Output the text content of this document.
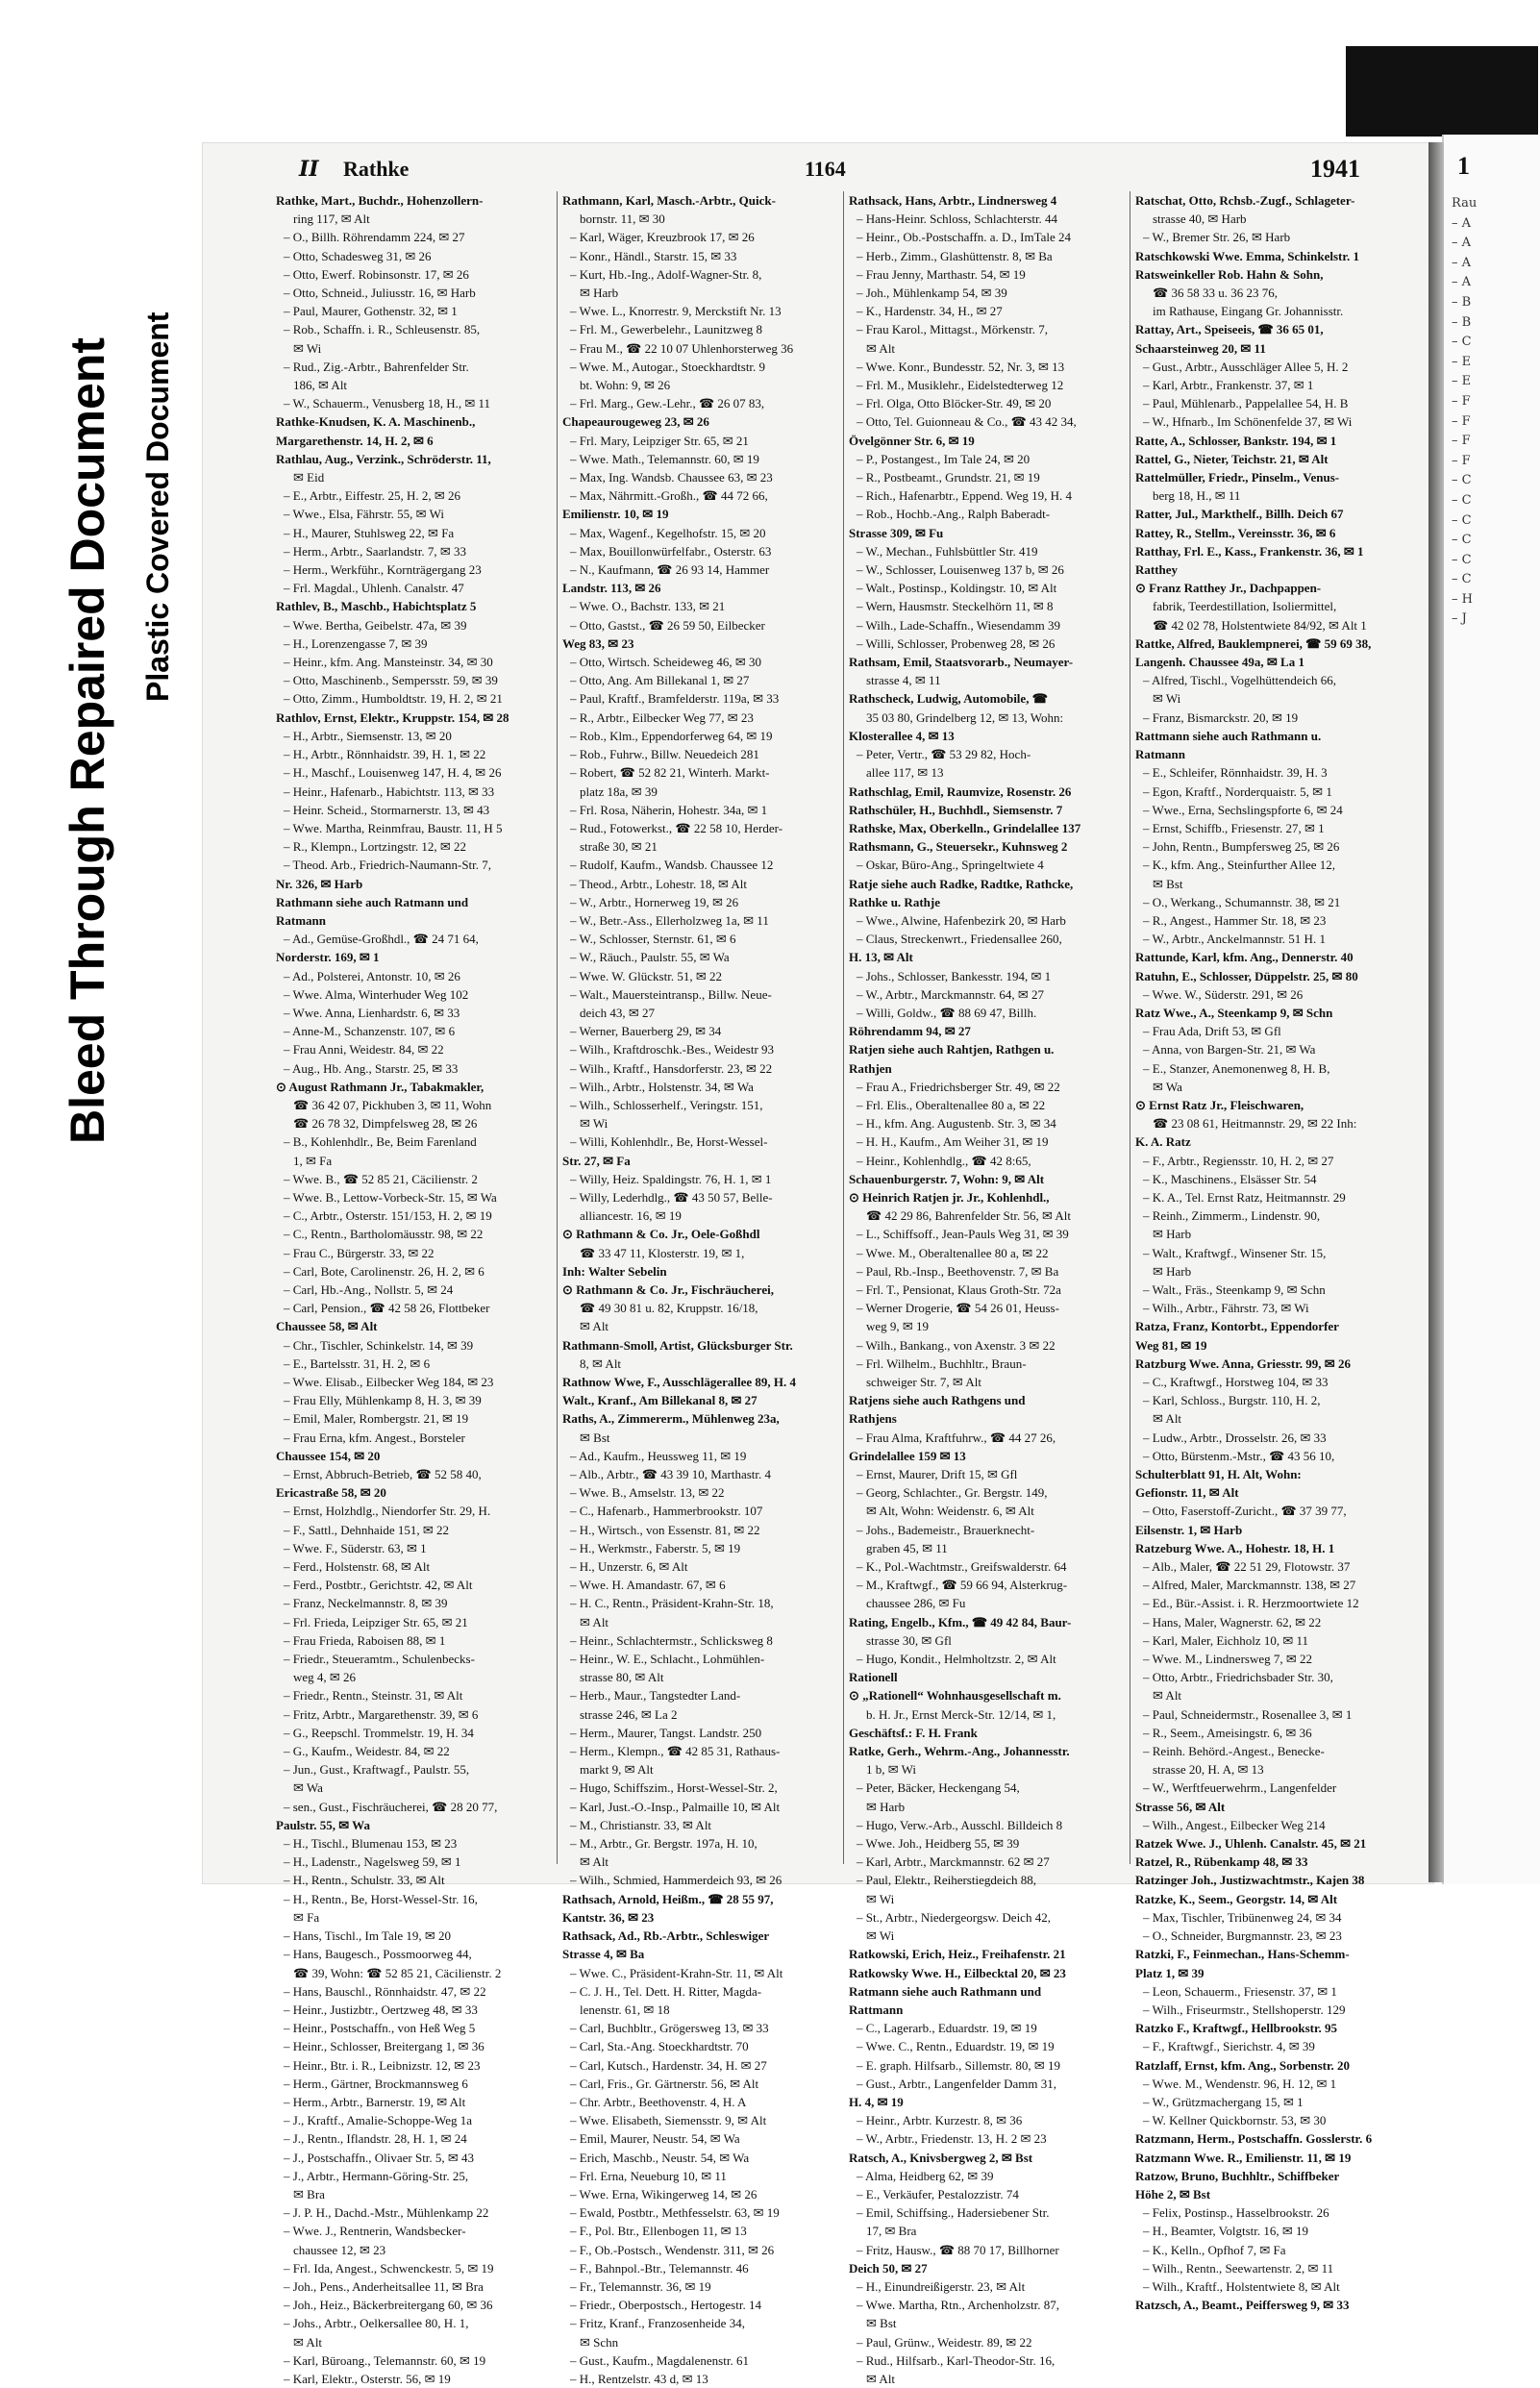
Bleed Through Repaired Document Plastic Covered Document
1
Rau
– A
– A
– A
– A
– B
– B
– C
– E
– E
– F
– F
– F
– F
– C
– C
– C
– C
– C
– C
– H
– J
II Rathke	1164	1941
Rathke, Mart., Buchdr., Hohenzollern-
ring 117, ✉ Alt
– O., Billh. Röhrendamm 224, ✉ 27
– Otto, Schadesweg 31, ✉ 26
– Otto, Ewerf. Robinsonstr. 17, ✉ 26
– Otto, Schneid., Juliusstr. 16, ✉ Harb
– Paul, Maurer, Gothenstr. 32, ✉ 1
– Rob., Schaffn. i. R., Schleusenstr. 85,
✉ Wi
– Rud., Zig.-Arbtr., Bahrenfelder Str.
186, ✉ Alt
– W., Schauerm., Venusberg 18, H., ✉ 11
Rathke-Knudsen, K. A. Maschinenb.,
Margarethenstr. 14, H. 2, ✉ 6
Rathlau, Aug., Verzink., Schröderstr. 11,
✉ Eid
– E., Arbtr., Eiffestr. 25, H. 2, ✉ 26
– Wwe., Elsa, Fährstr. 55, ✉ Wi
– H., Maurer, Stuhlsweg 22, ✉ Fa
– Herm., Arbtr., Saarlandstr. 7, ✉ 33
– Herm., Werkführ., Kornträgergang 23
– Frl. Magdal., Uhlenh. Canalstr. 47
Rathlev, B., Maschb., Habichtsplatz 5
– Wwe. Bertha, Geibelstr. 47a, ✉ 39
– H., Lorenzengasse 7, ✉ 39
– Heinr., kfm. Ang. Mansteinstr. 34, ✉ 30
– Otto, Maschinenb., Sempersstr. 59, ✉ 39
– Otto, Zimm., Humboldtstr. 19, H. 2, ✉ 21
Rathlov, Ernst, Elektr., Kruppstr. 154, ✉ 28
– H., Arbtr., Siemsenstr. 13, ✉ 20
– H., Arbtr., Rönnhaidstr. 39, H. 1, ✉ 22
– H., Maschf., Louisenweg 147, H. 4, ✉ 26
– Heinr., Hafenarb., Habichtstr. 113, ✉ 33
– Heinr. Scheid., Stormarnerstr. 13, ✉ 43
– Wwe. Martha, Reinmfrau, Baustr. 11, H 5
– R., Klempn., Lortzingstr. 12, ✉ 22
– Theod. Arb., Friedrich-Naumann-Str. 7,
Nr. 326, ✉ Harb
Rathmann siehe auch Ratmann und
Ratmann
– Ad., Gemüse-Großhdl., ☎ 24 71 64,
Norderstr. 169, ✉ 1
– Ad., Polsterei, Antonstr. 10, ✉ 26
– Wwe. Alma, Winterhuder Weg 102
– Wwe. Anna, Lienhardstr. 6, ✉ 33
– Anne-M., Schanzenstr. 107, ✉ 6
– Frau Anni, Weidestr. 84, ✉ 22
– Aug., Hb. Ang., Starstr. 25, ✉ 33
⊙ August Rathmann Jr., Tabakmakler,
☎ 36 42 07, Pickhuben 3, ✉ 11, Wohn
☎ 26 78 32, Dimpfelsweg 28, ✉ 26
– B., Kohlenhdlr., Be, Beim Farenland
1, ✉ Fa
– Wwe. B., ☎ 52 85 21, Cäcilienstr. 2
– Wwe. B., Lettow-Vorbeck-Str. 15, ✉ Wa
– C., Arbtr., Osterstr. 151/153, H. 2, ✉ 19
– C., Rentn., Bartholomäusstr. 98, ✉ 22
– Frau C., Bürgerstr. 33, ✉ 22
– Carl, Bote, Carolinenstr. 26, H. 2, ✉ 6
– Carl, Hb.-Ang., Nollstr. 5, ✉ 24
– Carl, Pension., ☎ 42 58 26, Flottbeker
Chaussee 58, ✉ Alt
– Chr., Tischler, Schinkelstr. 14, ✉ 39
– E., Bartelsstr. 31, H. 2, ✉ 6
– Wwe. Elisab., Eilbecker Weg 184, ✉ 23
– Frau Elly, Mühlenkamp 8, H. 3, ✉ 39
– Emil, Maler, Rombergstr. 21, ✉ 19
– Frau Erna, kfm. Angest., Borsteler
Chaussee 154, ✉ 20
– Ernst, Abbruch-Betrieb, ☎ 52 58 40,
Ericastraße 58, ✉ 20
– Ernst, Holzhdlg., Niendorfer Str. 29, H.
– F., Sattl., Dehnhaide 151, ✉ 22
– Wwe. F., Süderstr. 63, ✉ 1
– Ferd., Holstenstr. 68, ✉ Alt
– Ferd., Postbtr., Gerichtstr. 42, ✉ Alt
– Franz, Neckelmannstr. 8, ✉ 39
– Frl. Frieda, Leipziger Str. 65, ✉ 21
– Frau Frieda, Raboisen 88, ✉ 1
– Friedr., Steueramtm., Schulenbecks-
weg 4, ✉ 26
– Friedr., Rentn., Steinstr. 31, ✉ Alt
– Fritz, Arbtr., Margarethenstr. 39, ✉ 6
– G., Reepschl. Trommelstr. 19, H. 34
– G., Kaufm., Weidestr. 84, ✉ 22
– Jun., Gust., Kraftwagf., Paulstr. 55,
✉ Wa
– sen., Gust., Fischräucherei, ☎ 28 20 77,
Paulstr. 55, ✉ Wa
– H., Tischl., Blumenau 153, ✉ 23
– H., Ladenstr., Nagelsweg 59, ✉ 1
– H., Rentn., Schulstr. 33, ✉ Alt
– H., Rentn., Be, Horst-Wessel-Str. 16,
✉ Fa
– Hans, Tischl., Im Tale 19, ✉ 20
– Hans, Baugesch., Possmoorweg 44,
☎ 39, Wohn: ☎ 52 85 21, Cäcilienstr. 2
– Hans, Bauschl., Rönnhaidstr. 47, ✉ 22
– Heinr., Justizbtr., Oertzweg 48, ✉ 33
– Heinr., Postschaffn., von Heß Weg 5
– Heinr., Schlosser, Breitergang 1, ✉ 36
– Heinr., Btr. i. R., Leibnizstr. 12, ✉ 23
– Herm., Gärtner, Brockmannsweg 6
– Herm., Arbtr., Barnerstr. 19, ✉ Alt
– J., Kraftf., Amalie-Schoppe-Weg 1a
– J., Rentn., Iflandstr. 28, H. 1, ✉ 24
– J., Postschaffn., Olivaer Str. 5, ✉ 43
– J., Arbtr., Hermann-Göring-Str. 25,
✉ Bra
– J. P. H., Dachd.-Mstr., Mühlenkamp 22
– Wwe. J., Rentnerin, Wandsbecker-
chaussee 12, ✉ 23
– Frl. Ida, Angest., Schwenckestr. 5, ✉ 19
– Joh., Pens., Anderheitsallee 11, ✉ Bra
– Joh., Heiz., Bäckerbreitergang 60, ✉ 36
– Johs., Arbtr., Oelkersallee 80, H. 1,
✉ Alt
– Karl, Büroang., Telemannstr. 60, ✉ 19
– Karl, Elektr., Osterstr. 56, ✉ 19
Rathmann, Karl, Masch.-Arbtr., Quick-
bornstr. 11, ✉ 30
– Karl, Wäger, Kreuzbrook 17, ✉ 26
– Konr., Händl., Starstr. 15, ✉ 33
– Kurt, Hb.-Ing., Adolf-Wagner-Str. 8,
✉ Harb
– Wwe. L., Knorrestr. 9, Merckstift Nr. 13
– Frl. M., Gewerbelehr., Launitzweg 8
– Frau M., ☎ 22 10 07 Uhlenhorsterweg 36
– Wwe. M., Autogar., Stoeckhardtstr. 9
bt. Wohn: 9, ✉ 26
– Frl. Marg., Gew.-Lehr., ☎ 26 07 83,
Chapeaurougeweg 23, ✉ 26
– Frl. Mary, Leipziger Str. 65, ✉ 21
– Wwe. Math., Telemannstr. 60, ✉ 19
– Max, Ing. Wandsb. Chaussee 63, ✉ 23
– Max, Nährmitt.-Großh., ☎ 44 72 66,
Emilienstr. 10, ✉ 19
– Max, Wagenf., Kegelhofstr. 15, ✉ 20
– Max, Bouillonwürfelfabr., Osterstr. 63
– N., Kaufmann, ☎ 26 93 14, Hammer
Landstr. 113, ✉ 26
– Wwe. O., Bachstr. 133, ✉ 21
– Otto, Gastst., ☎ 26 59 50, Eilbecker
Weg 83, ✉ 23
– Otto, Wirtsch. Scheideweg 46, ✉ 30
– Otto, Ang. Am Billekanal 1, ✉ 27
– Paul, Kraftf., Bramfelderstr. 119a, ✉ 33
– R., Arbtr., Eilbecker Weg 77, ✉ 23
– Rob., Klm., Eppendorferweg 64, ✉ 19
– Rob., Fuhrw., Billw. Neuedeich 281
– Robert, ☎ 52 82 21, Winterh. Markt-
platz 18a, ✉ 39
– Frl. Rosa, Näherin, Hohestr. 34a, ✉ 1
– Rud., Fotowerkst., ☎ 22 58 10, Herder-
straße 30, ✉ 21
– Rudolf, Kaufm., Wandsb. Chaussee 12
– Theod., Arbtr., Lohestr. 18, ✉ Alt
– W., Arbtr., Hornerweg 19, ✉ 26
– W., Betr.-Ass., Ellerholzweg 1a, ✉ 11
– W., Schlosser, Sternstr. 61, ✉ 6
– W., Räuch., Paulstr. 55, ✉ Wa
– Wwe. W. Glückstr. 51, ✉ 22
– Walt., Mauersteintransp., Billw. Neue-
deich 43, ✉ 27
– Werner, Bauerberg 29, ✉ 34
– Wilh., Kraftdroschk.-Bes., Weidestr 93
– Wilh., Kraftf., Hansdorferstr. 23, ✉ 22
– Wilh., Arbtr., Holstenstr. 34, ✉ Wa
– Wilh., Schlosserhelf., Veringstr. 151,
✉ Wi
– Willi, Kohlenhdlr., Be, Horst-Wessel-
Str. 27, ✉ Fa
– Willy, Heiz. Spaldingstr. 76, H. 1, ✉ 1
– Willy, Lederhdlg., ☎ 43 50 57, Belle-
alliancestr. 16, ✉ 19
⊙ Rathmann & Co. Jr., Oele-Goßhdl
☎ 33 47 11, Klosterstr. 19, ✉ 1,
Inh: Walter Sebelin
⊙ Rathmann & Co. Jr., Fischräucherei,
☎ 49 30 81 u. 82, Kruppstr. 16/18,
✉ Alt
Rathmann-Smoll, Artist, Glücksburger Str.
8, ✉ Alt
Rathnow Wwe, F., Ausschlägerallee 89, H. 4
Walt., Kranf., Am Billekanal 8, ✉ 27
Raths, A., Zimmererm., Mühlenweg 23a,
✉ Bst
– Ad., Kaufm., Heussweg 11, ✉ 19
– Alb., Arbtr., ☎ 43 39 10, Marthastr. 4
– Wwe. B., Amselstr. 13, ✉ 22
– C., Hafenarb., Hammerbrookstr. 107
– H., Wirtsch., von Essenstr. 81, ✉ 22
– H., Werkmstr., Faberstr. 5, ✉ 19
– H., Unzerstr. 6, ✉ Alt
– Wwe. H. Amandastr. 67, ✉ 6
– H. C., Rentn., Präsident-Krahn-Str. 18,
✉ Alt
– Heinr., Schlachtermstr., Schlicksweg 8
– Heinr., W. E., Schlacht., Lohmühlen-
strasse 80, ✉ Alt
– Herb., Maur., Tangstedter Land-
strasse 246, ✉ La 2
– Herm., Maurer, Tangst. Landstr. 250
– Herm., Klempn., ☎ 42 85 31, Rathaus-
markt 9, ✉ Alt
– Hugo, Schiffszim., Horst-Wessel-Str. 2,
– Karl, Just.-O.-Insp., Palmaille 10, ✉ Alt
– M., Christianstr. 33, ✉ Alt
– M., Arbtr., Gr. Bergstr. 197a, H. 10,
✉ Alt
– Wilh., Schmied, Hammerdeich 93, ✉ 26
Rathsach, Arnold, Heißm., ☎ 28 55 97,
Kantstr. 36, ✉ 23
Rathsack, Ad., Rb.-Arbtr., Schleswiger
Strasse 4, ✉ Ba
– Wwe. C., Präsident-Krahn-Str. 11, ✉ Alt
– C. J. H., Tel. Dett. H. Ritter, Magda-
lenenstr. 61, ✉ 18
– Carl, Buchbltr., Grögersweg 13, ✉ 33
– Carl, Sta.-Ang. Stoeckhardtstr. 70
– Carl, Kutsch., Hardenstr. 34, H. ✉ 27
– Carl, Fris., Gr. Gärtnerstr. 56, ✉ Alt
– Chr. Arbtr., Beethovenstr. 4, H. A
– Wwe. Elisabeth, Siemensstr. 9, ✉ Alt
– Emil, Maurer, Neustr. 54, ✉ Wa
– Erich, Maschb., Neustr. 54, ✉ Wa
– Frl. Erna, Neueburg 10, ✉ 11
– Wwe. Erna, Wikingerweg 14, ✉ 26
– Ewald, Postbtr., Methfesselstr. 63, ✉ 19
– F., Pol. Btr., Ellenbogen 11, ✉ 13
– F., Ob.-Postsch., Wendenstr. 311, ✉ 26
– F., Bahnpol.-Btr., Telemannstr. 46
– Fr., Telemannstr. 36, ✉ 19
– Friedr., Oberpostsch., Hertogestr. 14
– Fritz, Kranf., Franzosenheide 34,
✉ Schn
– Gust., Kaufm., Magdalenenstr. 61
– H., Rentzelstr. 43 d, ✉ 13
Rathsack, Hans, Arbtr., Lindnersweg 4
– Hans-Heinr. Schloss, Schlachterstr. 44
– Heinr., Ob.-Postschaffn. a. D., ImTale 24
– Herb., Zimm., Glashüttenstr. 8, ✉ Ba
– Frau Jenny, Marthastr. 54, ✉ 19
– Joh., Mühlenkamp 54, ✉ 39
– K., Hardenstr. 34, H., ✉ 27
– Frau Karol., Mittagst., Mörkenstr. 7,
✉ Alt
– Wwe. Konr., Bundesstr. 52, Nr. 3, ✉ 13
– Frl. M., Musiklehr., Eidelstedterweg 12
– Frl. Olga, Otto Blöcker-Str. 49, ✉ 20
– Otto, Tel. Guionneau & Co., ☎ 43 42 34,
Övelgönner Str. 6, ✉ 19
– P., Postangest., Im Tale 24, ✉ 20
– R., Postbeamt., Grundstr. 21, ✉ 19
– Rich., Hafenarbtr., Eppend. Weg 19, H. 4
– Rob., Hochb.-Ang., Ralph Baberadt-
Strasse 309, ✉ Fu
– W., Mechan., Fuhlsbüttler Str. 419
– W., Schlosser, Louisenweg 137 b, ✉ 26
– Walt., Postinsp., Koldingstr. 10, ✉ Alt
– Wern, Hausmstr. Steckelhörn 11, ✉ 8
– Wilh., Lade-Schaffn., Wiesendamm 39
– Willi, Schlosser, Probenweg 28, ✉ 26
Rathsam, Emil, Staatsvorarb., Neumayer-
strasse 4, ✉ 11
Rathscheck, Ludwig, Automobile, ☎
35 03 80, Grindelberg 12, ✉ 13, Wohn:
Klosterallee 4, ✉ 13
– Peter, Vertr., ☎ 53 29 82, Hoch-
allee 117, ✉ 13
Rathschlag, Emil, Raumvize, Rosenstr. 26
Rathschüler, H., Buchhdl., Siemsenstr. 7
Rathske, Max, Oberkelln., Grindelallee 137
Rathsmann, G., Steuersekr., Kuhnsweg 2
– Oskar, Büro-Ang., Springeltwiete 4
Ratje siehe auch Radke, Radtke, Rathcke,
Rathke u. Rathje
– Wwe., Alwine, Hafenbezirk 20, ✉ Harb
– Claus, Streckenwrt., Friedensallee 260,
H. 13, ✉ Alt
– Johs., Schlosser, Bankesstr. 194, ✉ 1
– W., Arbtr., Marckmannstr. 64, ✉ 27
– Willi, Goldw., ☎ 88 69 47, Billh.
Röhrendamm 94, ✉ 27
Ratjen siehe auch Rahtjen, Rathgen u.
Rathjen
– Frau A., Friedrichsberger Str. 49, ✉ 22
– Frl. Elis., Oberaltenallee 80 a, ✉ 22
– H., kfm. Ang. Augustenb. Str. 3, ✉ 34
– H. H., Kaufm., Am Weiher 31, ✉ 19
– Heinr., Kohlenhdlg., ☎ 42 8:65,
Schauenburgerstr. 7, Wohn: 9, ✉ Alt
⊙ Heinrich Ratjen jr. Jr., Kohlenhdl.,
☎ 42 29 86, Bahrenfelder Str. 56, ✉ Alt
– L., Schiffsoff., Jean-Pauls Weg 31, ✉ 39
– Wwe. M., Oberaltenallee 80 a, ✉ 22
– Paul, Rb.-Insp., Beethovenstr. 7, ✉ Ba
– Frl. T., Pensionat, Klaus Groth-Str. 72a
– Werner Drogerie, ☎ 54 26 01, Heuss-
weg 9, ✉ 19
– Wilh., Bankang., von Axenstr. 3 ✉ 22
– Frl. Wilhelm., Buchhltr., Braun-
schweiger Str. 7, ✉ Alt
Ratjens siehe auch Rathgens und
Rathjens
– Frau Alma, Kraftfuhrw., ☎ 44 27 26,
Grindelallee 159 ✉ 13
– Ernst, Maurer, Drift 15, ✉ Gfl
– Georg, Schlachter., Gr. Bergstr. 149,
✉ Alt, Wohn: Weidenstr. 6, ✉ Alt
– Johs., Bademeistr., Brauerknecht-
graben 45, ✉ 11
– K., Pol.-Wachtmstr., Greifswalderstr. 64
– M., Kraftwgf., ☎ 59 66 94, Alsterkrug-
chaussee 286, ✉ Fu
Rating, Engelb., Kfm., ☎ 49 42 84, Baur-
strasse 30, ✉ Gfl
– Hugo, Kondit., Helmholtzstr. 2, ✉ Alt
Rationell
⊙ „Rationell“ Wohnhausgesellschaft m.
b. H. Jr., Ernst Merck-Str. 12/14, ✉ 1,
Geschäftsf.: F. H. Frank
Ratke, Gerh., Wehrm.-Ang., Johannesstr.
1 b, ✉ Wi
– Peter, Bäcker, Heckengang 54,
✉ Harb
– Hugo, Verw.-Arb., Ausschl. Billdeich 8
– Wwe. Joh., Heidberg 55, ✉ 39
– Karl, Arbtr., Marckmannstr. 62 ✉ 27
– Paul, Elektr., Reiherstiegdeich 88,
✉ Wi
– St., Arbtr., Niedergeorgsw. Deich 42,
✉ Wi
Ratkowski, Erich, Heiz., Freihafenstr. 21
Ratkowsky Wwe. H., Eilbecktal 20, ✉ 23
Ratmann siehe auch Rathmann und
Rattmann
– C., Lagerarb., Eduardstr. 19, ✉ 19
– Wwe. C., Rentn., Eduardstr. 19, ✉ 19
– E. graph. Hilfsarb., Sillemstr. 80, ✉ 19
– Gust., Arbtr., Langenfelder Damm 31,
H. 4, ✉ 19
– Heinr., Arbtr. Kurzestr. 8, ✉ 36
– W., Arbtr., Friedenstr. 13, H. 2 ✉ 23
Ratsch, A., Knivsbergweg 2, ✉ Bst
– Alma, Heidberg 62, ✉ 39
– E., Verkäufer, Pestalozzistr. 74
– Emil, Schiffsing., Hadersiebener Str.
17, ✉ Bra
– Fritz, Hausw., ☎ 88 70 17, Billhorner
Deich 50, ✉ 27
– H., Einundreißigerstr. 23, ✉ Alt
– Wwe. Martha, Rtn., Archenholzstr. 87,
✉ Bst
– Paul, Grünw., Weidestr. 89, ✉ 22
– Rud., Hilfsarb., Karl-Theodor-Str. 16,
✉ Alt
Ratschat, Otto, Rchsb.-Zugf., Schlageter-
strasse 40, ✉ Harb
– W., Bremer Str. 26, ✉ Harb
Ratschkowski Wwe. Emma, Schinkelstr. 1
Ratsweinkeller Rob. Hahn & Sohn,
☎ 36 58 33 u. 36 23 76,
im Rathause, Eingang Gr. Johannisstr.
Rattay, Art., Speiseeis, ☎ 36 65 01,
Schaarsteinweg 20, ✉ 11
– Gust., Arbtr., Ausschläger Allee 5, H. 2
– Karl, Arbtr., Frankenstr. 37, ✉ 1
– Paul, Mühlenarb., Pappelallee 54, H. B
– W., Hfnarb., Im Schönenfelde 37, ✉ Wi
Ratte, A., Schlosser, Bankstr. 194, ✉ 1
Rattel, G., Nieter, Teichstr. 21, ✉ Alt
Rattelmüller, Friedr., Pinselm., Venus-
berg 18, H., ✉ 11
Ratter, Jul., Markthelf., Billh. Deich 67
Rattey, R., Stellm., Vereinsstr. 36, ✉ 6
Ratthay, Frl. E., Kass., Frankenstr. 36, ✉ 1
Ratthey
⊙ Franz Ratthey Jr., Dachpappen-
fabrik, Teerdestillation, Isoliermittel,
☎ 42 02 78, Holstentwiete 84/92, ✉ Alt 1
Rattke, Alfred, Bauklempnerei, ☎ 59 69 38,
Langenh. Chaussee 49a, ✉ La 1
– Alfred, Tischl., Vogelhüttendeich 66,
✉ Wi
– Franz, Bismarckstr. 20, ✉ 19
Rattmann siehe auch Rathmann u.
Ratmann
– E., Schleifer, Rönnhaidstr. 39, H. 3
– Egon, Kraftf., Norderquaistr. 5, ✉ 1
– Wwe., Erna, Sechslingspforte 6, ✉ 24
– Ernst, Schiffb., Friesenstr. 27, ✉ 1
– John, Rentn., Bumpfersweg 25, ✉ 26
– K., kfm. Ang., Steinfurther Allee 12,
✉ Bst
– O., Werkang., Schumannstr. 38, ✉ 21
– R., Angest., Hammer Str. 18, ✉ 23
– W., Arbtr., Anckelmannstr. 51 H. 1
Rattunde, Karl, kfm. Ang., Dennerstr. 40
Ratuhn, E., Schlosser, Düppelstr. 25, ✉ 80
– Wwe. W., Süderstr. 291, ✉ 26
Ratz Wwe., A., Steenkamp 9, ✉ Schn
– Frau Ada, Drift 53, ✉ Gfl
– Anna, von Bargen-Str. 21, ✉ Wa
– E., Stanzer, Anemonenweg 8, H. B,
✉ Wa
⊙ Ernst Ratz Jr., Fleischwaren,
☎ 23 08 61, Heitmannstr. 29, ✉ 22 Inh:
K. A. Ratz
– F., Arbtr., Regiensstr. 10, H. 2, ✉ 27
– K., Maschinens., Elsässer Str. 54
– K. A., Tel. Ernst Ratz, Heitmannstr. 29
– Reinh., Zimmerm., Lindenstr. 90,
✉ Harb
– Walt., Kraftwgf., Winsener Str. 15,
✉ Harb
– Walt., Fräs., Steenkamp 9, ✉ Schn
– Wilh., Arbtr., Fährstr. 73, ✉ Wi
Ratza, Franz, Kontorbt., Eppendorfer
Weg 81, ✉ 19
Ratzburg Wwe. Anna, Griesstr. 99, ✉ 26
– C., Kraftwgf., Horstweg 104, ✉ 33
– Karl, Schloss., Burgstr. 110, H. 2,
✉ Alt
– Ludw., Arbtr., Drosselstr. 26, ✉ 33
– Otto, Bürstenm.-Mstr., ☎ 43 56 10,
Schulterblatt 91, H. Alt, Wohn:
Gefionstr. 11, ✉ Alt
– Otto, Faserstoff-Zuricht., ☎ 37 39 77,
Eilsenstr. 1, ✉ Harb
Ratzeburg Wwe. A., Hohestr. 18, H. 1
– Alb., Maler, ☎ 22 51 29, Flotowstr. 37
– Alfred, Maler, Marckmannstr. 138, ✉ 27
– Ed., Bür.-Assist. i. R. Herzmoortwiete 12
– Hans, Maler, Wagnerstr. 62, ✉ 22
– Karl, Maler, Eichholz 10, ✉ 11
– Wwe. M., Lindnersweg 7, ✉ 22
– Otto, Arbtr., Friedrichsbader Str. 30,
✉ Alt
– Paul, Schneidermstr., Rosenallee 3, ✉ 1
– R., Seem., Ameisingstr. 6, ✉ 36
– Reinh. Behörd.-Angest., Benecke-
strasse 20, H. A, ✉ 13
– W., Werftfeuerwehrm., Langenfelder
Strasse 56, ✉ Alt
– Wilh., Angest., Eilbecker Weg 214
Ratzek Wwe. J., Uhlenh. Canalstr. 45, ✉ 21
Ratzel, R., Rübenkamp 48, ✉ 33
Ratzinger Joh., Justizwachtmstr., Kajen 38
Ratzke, K., Seem., Georgstr. 14, ✉ Alt
– Max, Tischler, Tribünenweg 24, ✉ 34
– O., Schneider, Burgmannstr. 23, ✉ 23
Ratzki, F., Feinmechan., Hans-Schemm-
Platz 1, ✉ 39
– Leon, Schauerm., Friesenstr. 37, ✉ 1
– Wilh., Friseurmstr., Stellshoperstr. 129
Ratzko F., Kraftwgf., Hellbrookstr. 95
– F., Kraftwgf., Sierichstr. 4, ✉ 39
Ratzlaff, Ernst, kfm. Ang., Sorbenstr. 20
– Wwe. M., Wendenstr. 96, H. 12, ✉ 1
– W., Grützmachergang 15, ✉ 1
– W. Kellner Quickbornstr. 53, ✉ 30
Ratzmann, Herm., Postschaffn. Gosslerstr. 6
Ratzmann Wwe. R., Emilienstr. 11, ✉ 19
Ratzow, Bruno, Buchhltr., Schiffbeker
Höhe 2, ✉ Bst
– Felix, Postinsp., Hasselbrookstr. 26
– H., Beamter, Volgtstr. 16, ✉ 19
– K., Kelln., Opfhof 7, ✉ Fa
– Wilh., Rentn., Seewartenstr. 2, ✉ 11
– Wilh., Kraftf., Holstentwiete 8, ✉ Alt
Ratzsch, A., Beamt., Peiffersweg 9, ✉ 33
